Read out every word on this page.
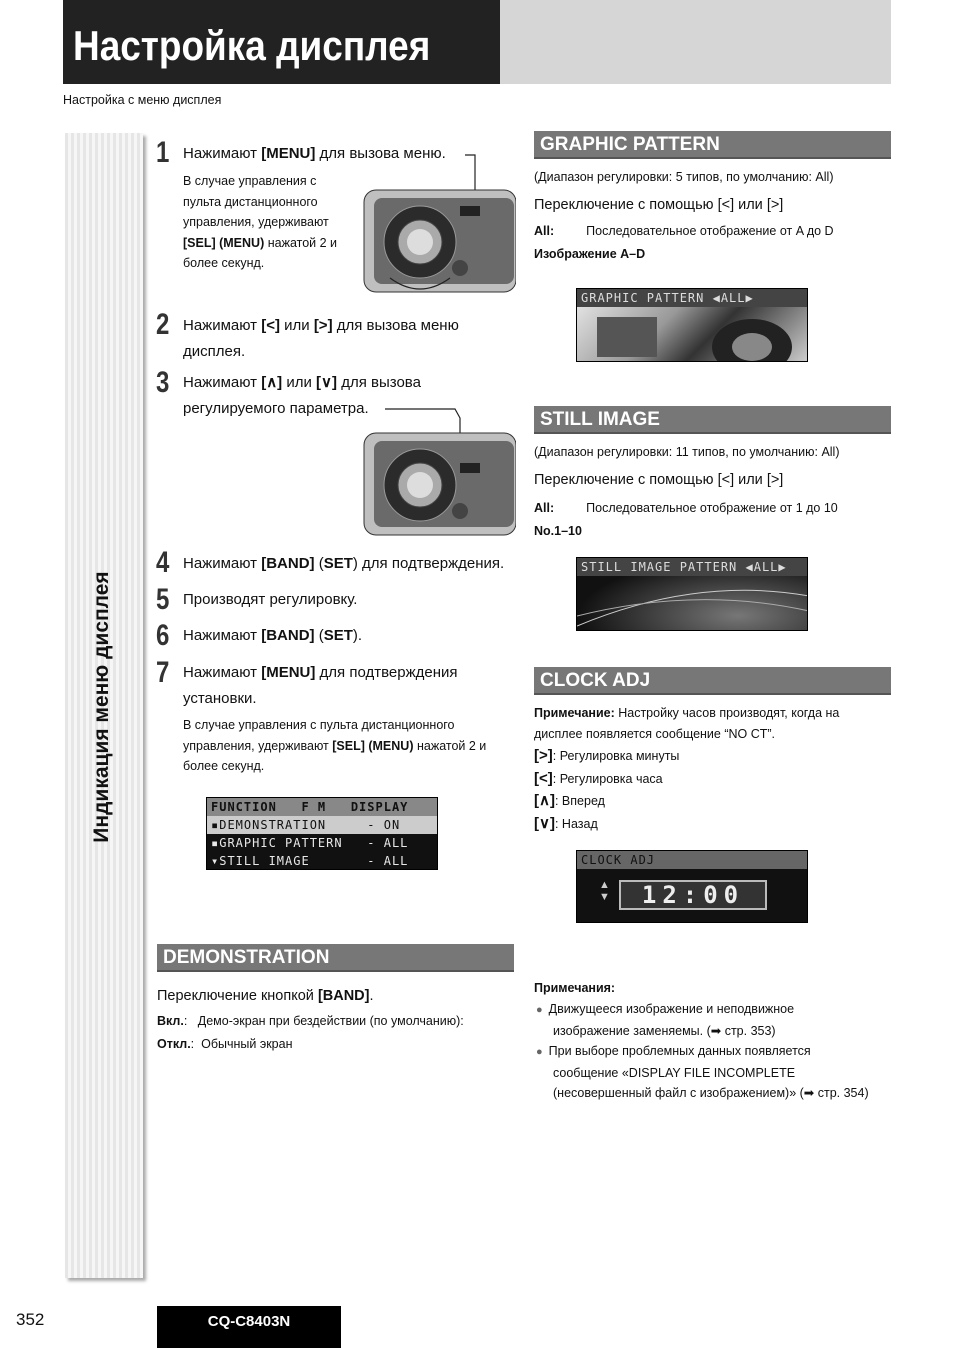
Настройка дисплея
Настройка с меню дисплея
Индикация меню дисплея
1 Нажимают [MENU] для вызова меню.
В случае управления с
пульта дистанционного
управления, удерживают
[SEL] (MENU) нажатой 2 и
более секунд.
2 Нажимают [<] или [>] для вызова меню
дисплея.
3 Нажимают [∧] или [∨] для вызова
регулируемого параметра.
4 Нажимают [BAND] (SET) для подтверждения.
5 Производят регулировку.
6 Нажимают [BAND] (SET).
7 Нажимают [MENU] для подтверждения
установки.
В случае управления с пульта дистанционного
управления, удерживают [SEL] (MENU) нажатой 2 и
более секунд.
FUNCTION   F M   DISPLAY
▪DEMONSTRATION     - ON
▪GRAPHIC PATTERN   - ALL
▾STILL IMAGE       - ALL
DEMONSTRATION
Переключение кнопкой [BAND].
Вкл.:   Демо-экран при бездействии (по умолчанию):
Откл.:  Обычный экран
GRAPHIC PATTERN
(Диапазон регулировки: 5 типов, по умолчанию: All)
Переключение с помощью [<] или [>]
All:	Последовательное отображение от A до D
Изображение A–D
GRAPHIC PATTERN ◀ALL▶
STILL IMAGE
(Диапазон регулировки: 11 типов, по умолчанию: All)
Переключение с помощью [<] или [>]
All:	Последовательное отображение от 1 до 10
No.1–10
STILL IMAGE PATTERN ◀ALL▶
CLOCK ADJ
Примечание: Настройку часов производят, когда на
дисплее появляется сообщение “NO CT”.
[>]: Регулировка минуты
[<]: Регулировка часа
[∧]: Вперед
[∨]: Назад
CLOCK ADJ
▲
▼	12:00
Примечания:
● Движущееся изображение и неподвижное
изображение заменяемы. (➡ стр. 353)
● При выборе проблемных данных появляется
сообщение «DISPLAY FILE INCOMPLETE
(несовершенный файл с изображением)» (➡ стр. 354)
352	CQ-C8403N
